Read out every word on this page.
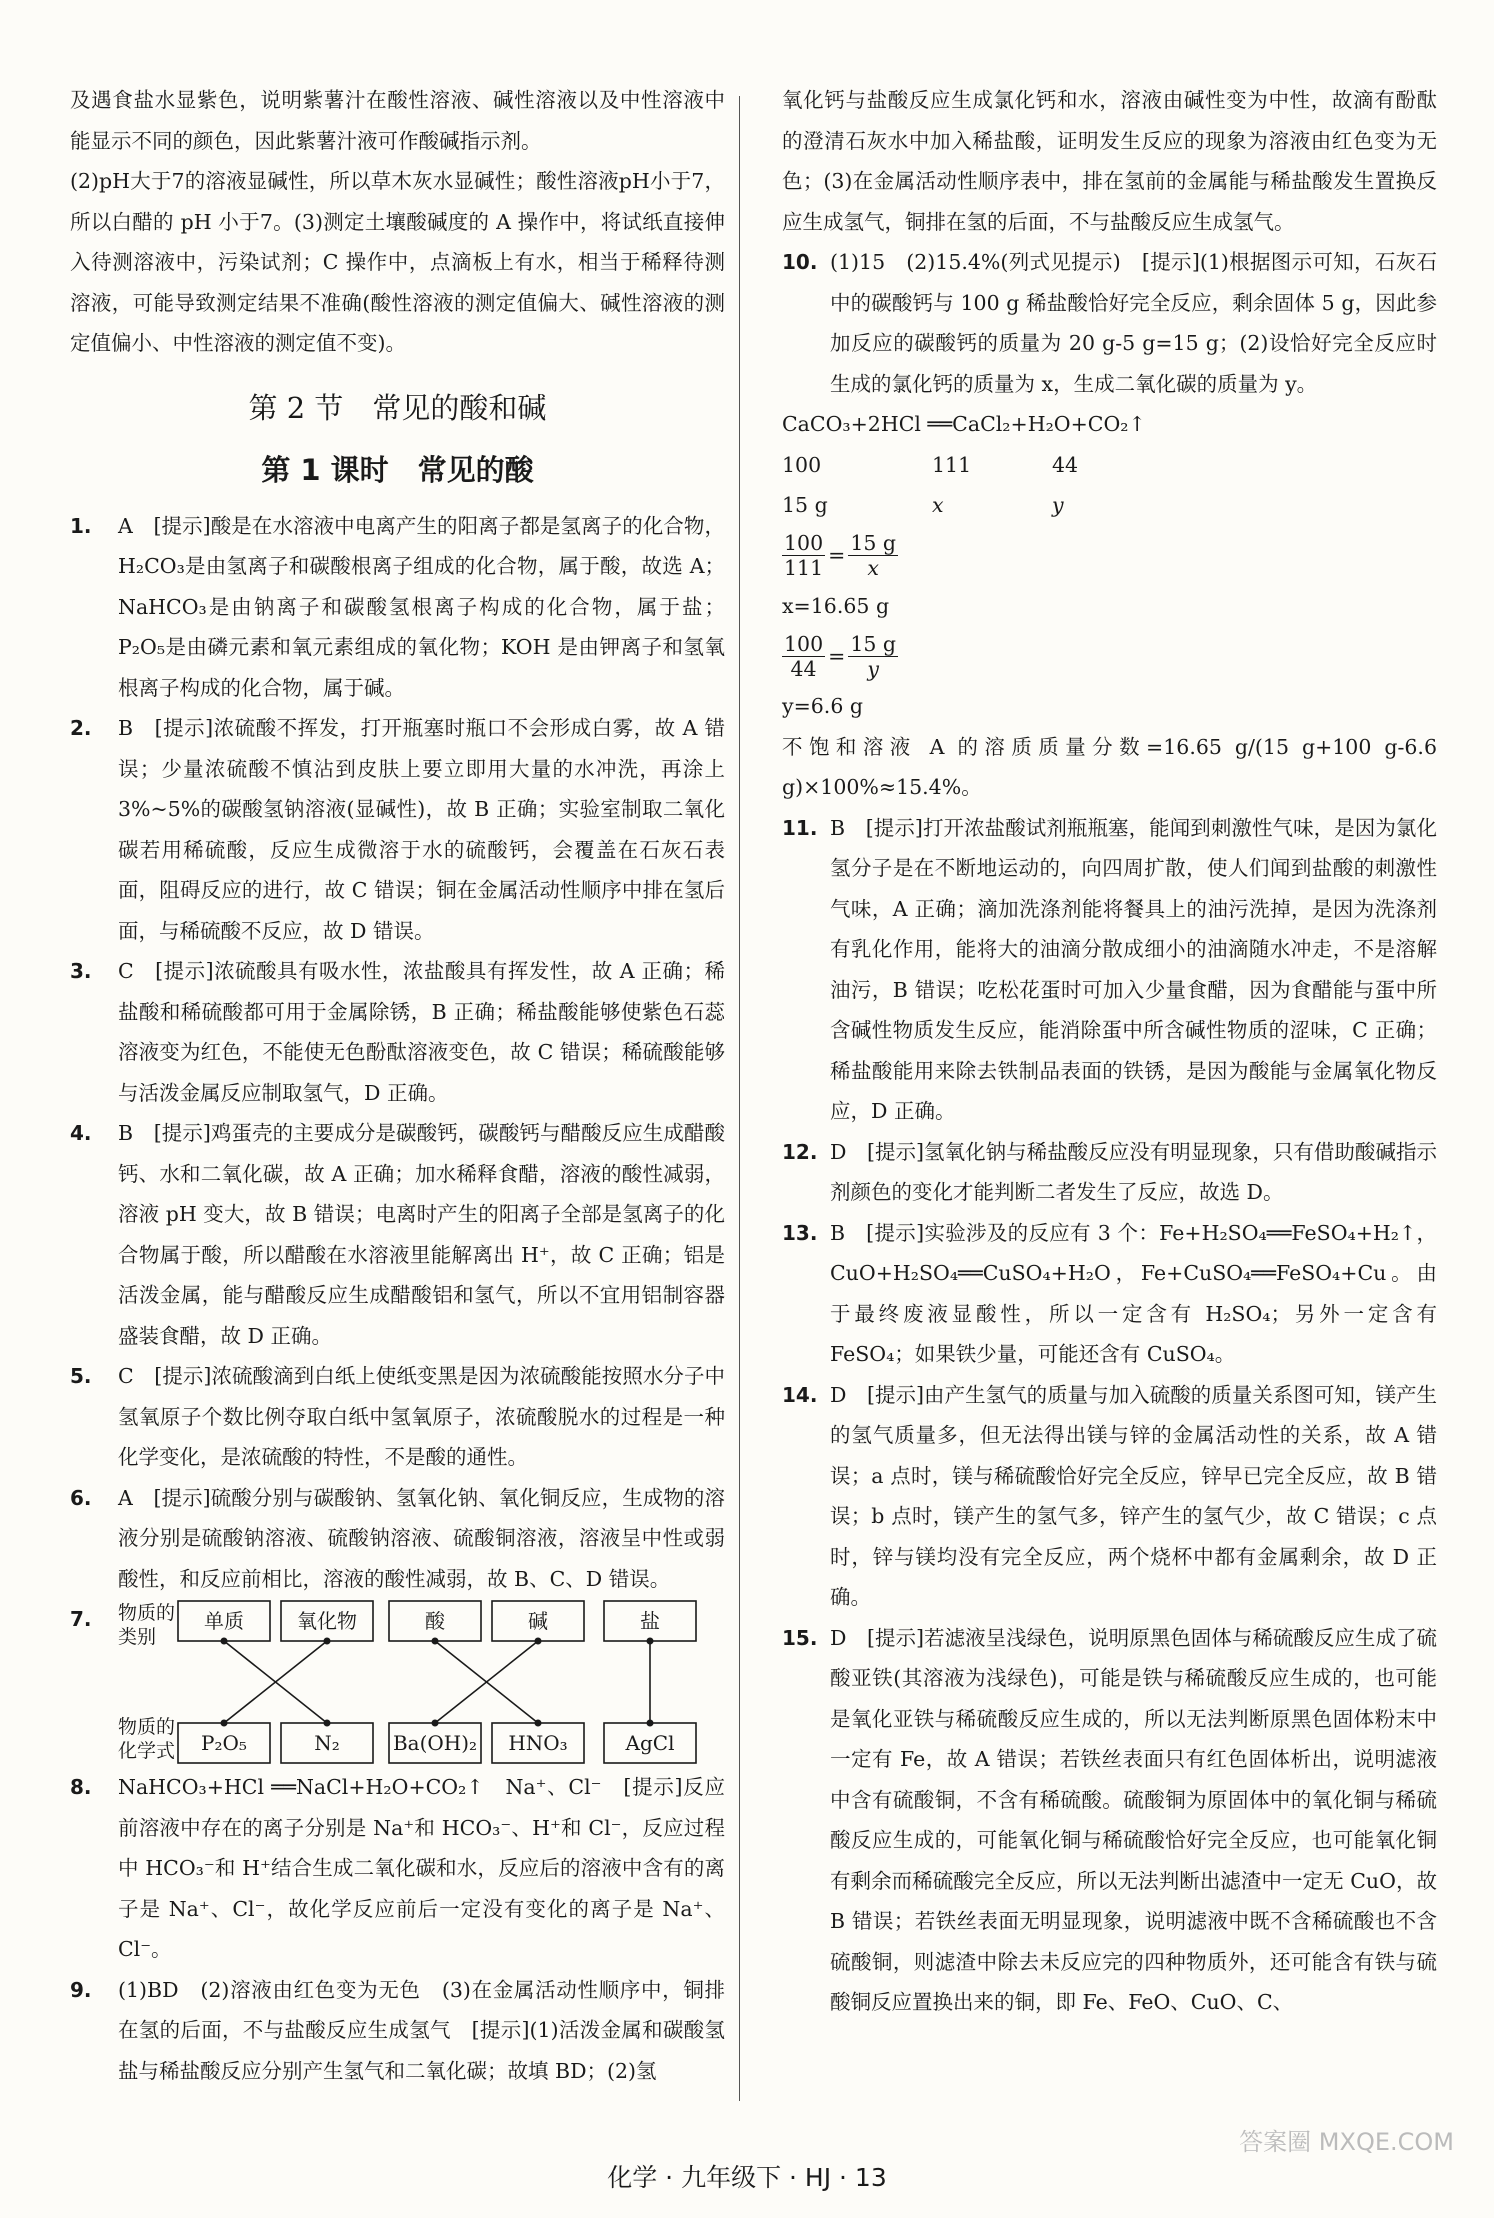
及遇食盐水显紫色，说明紫薯汁在酸性溶液、碱性溶液以及中性溶液中能显示不同的颜色，因此紫薯汁液可作酸碱指示剂。

(2)pH大于7的溶液显碱性，所以草木灰水显碱性；酸性溶液pH小于7，所以白醋的 pH 小于7。(3)测定土壤酸碱度的 A 操作中，将试纸直接伸入待测溶液中，污染试剂；C 操作中，点滴板上有水，相当于稀释待测溶液，可能导致测定结果不准确(酸性溶液的测定值偏大、碱性溶液的测定值偏小、中性溶液的测定值不变)。

第 2 节　常见的酸和碱
第 1 课时　常见的酸
1. A　[提示]酸是在水溶液中电离产生的阳离子都是氢离子的化合物，H₂CO₃是由氢离子和碳酸根离子组成的化合物，属于酸，故选 A；NaHCO₃是由钠离子和碳酸氢根离子构成的化合物，属于盐；P₂O₅是由磷元素和氧元素组成的氧化物；KOH 是由钾离子和氢氧根离子构成的化合物，属于碱。
2. B　[提示]浓硫酸不挥发，打开瓶塞时瓶口不会形成白雾，故 A 错误；少量浓硫酸不慎沾到皮肤上要立即用大量的水冲洗，再涂上3%~5%的碳酸氢钠溶液(显碱性)，故 B 正确；实验室制取二氧化碳若用稀硫酸，反应生成微溶于水的硫酸钙，会覆盖在石灰石表面，阻碍反应的进行，故 C 错误；铜在金属活动性顺序中排在氢后面，与稀硫酸不反应，故 D 错误。
3. C　[提示]浓硫酸具有吸水性，浓盐酸具有挥发性，故 A 正确；稀盐酸和稀硫酸都可用于金属除锈，B 正确；稀盐酸能够使紫色石蕊溶液变为红色，不能使无色酚酞溶液变色，故 C 错误；稀硫酸能够与活泼金属反应制取氢气，D 正确。
4. B　[提示]鸡蛋壳的主要成分是碳酸钙，碳酸钙与醋酸反应生成醋酸钙、水和二氧化碳，故 A 正确；加水稀释食醋，溶液的酸性减弱，溶液 pH 变大，故 B 错误；电离时产生的阳离子全部是氢离子的化合物属于酸，所以醋酸在水溶液里能解离出 H⁺，故 C 正确；铝是活泼金属，能与醋酸反应生成醋酸铝和氢气，所以不宜用铝制容器盛装食醋，故 D 正确。
5. C　[提示]浓硫酸滴到白纸上使纸变黑是因为浓硫酸能按照水分子中氢氧原子个数比例夺取白纸中氢氧原子，浓硫酸脱水的过程是一种化学变化，是浓硫酸的特性，不是酸的通性。
6. A　[提示]硫酸分别与碳酸钠、氢氧化钠、氧化铜反应，生成物的溶液分别是硫酸钠溶液、硫酸钠溶液、硫酸铜溶液，溶液呈中性或弱酸性，和反应前相比，溶液的酸性减弱，故 B、C、D 错误。
7. 物质的
类别
物质的
化学式
单质	氧化物	酸	碱	盐
P₂O₅	N₂	Ba(OH)₂ HNO₃	AgCl
8. NaHCO₃+HCl ══NaCl+H₂O+CO₂↑　Na⁺、Cl⁻　[提示]反应前溶液中存在的离子分别是 Na⁺和 HCO₃⁻、H⁺和 Cl⁻，反应过程中 HCO₃⁻和 H⁺结合生成二氧化碳和水，反应后的溶液中含有的离子是 Na⁺、Cl⁻，故化学反应前后一定没有变化的离子是 Na⁺、Cl⁻。
9. (1)BD　(2)溶液由红色变为无色　(3)在金属活动性顺序中，铜排在氢的后面，不与盐酸反应生成氢气　[提示](1)活泼金属和碳酸氢盐与稀盐酸反应分别产生氢气和二氧化碳；故填 BD；(2)氢

氧化钙与盐酸反应生成氯化钙和水，溶液由碱性变为中性，故滴有酚酞的澄清石灰水中加入稀盐酸，证明发生反应的现象为溶液由红色变为无色；(3)在金属活动性顺序表中，排在氢前的金属能与稀盐酸发生置换反应生成氢气，铜排在氢的后面，不与盐酸反应生成氢气。

10. (1)15　(2)15.4%(列式见提示)　[提示](1)根据图示可知，石灰石中的碳酸钙与 100 g 稀盐酸恰好完全反应，剩余固体 5 g，因此参加反应的碳酸钙的质量为 20 g-5 g=15 g；(2)设恰好完全反应时生成的氯化钙的质量为 x，生成二氧化碳的质量为 y。
CaCO₃+2HCl ══CaCl₂+H₂O+CO₂↑
100	111	44
15 g	x	y
$\frac{100}{111} = \frac{15 g}{x}$
x=16.65 g
$\frac{100}{44} = \frac{15 g}{y}$
y=6.6 g

不饱和溶液 A 的溶质质量分数=16.65 g/(15 g+100 g-6.6 g)×100%≈15.4%。

11. B　[提示]打开浓盐酸试剂瓶瓶塞，能闻到刺激性气味，是因为氯化氢分子是在不断地运动的，向四周扩散，使人们闻到盐酸的刺激性气味，A 正确；滴加洗涤剂能将餐具上的油污洗掉，是因为洗涤剂有乳化作用，能将大的油滴分散成细小的油滴随水冲走，不是溶解油污，B 错误；吃松花蛋时可加入少量食醋，因为食醋能与蛋中所含碱性物质发生反应，能消除蛋中所含碱性物质的涩味，C 正确；稀盐酸能用来除去铁制品表面的铁锈，是因为酸能与金属氧化物反应，D 正确。
12. D　[提示]氢氧化钠与稀盐酸反应没有明显现象，只有借助酸碱指示剂颜色的变化才能判断二者发生了反应，故选 D。
13. B　[提示]实验涉及的反应有 3 个：Fe+H₂SO₄══FeSO₄+H₂↑，CuO+H₂SO₄══CuSO₄+H₂O，Fe+CuSO₄══FeSO₄+Cu。由于最终废液显酸性，所以一定含有 H₂SO₄；另外一定含有 FeSO₄；如果铁少量，可能还含有 CuSO₄。
14. D　[提示]由产生氢气的质量与加入硫酸的质量关系图可知，镁产生的氢气质量多，但无法得出镁与锌的金属活动性的关系，故 A 错误；a 点时，镁与稀硫酸恰好完全反应，锌早已完全反应，故 B 错误；b 点时，镁产生的氢气多，锌产生的氢气少，故 C 错误；c 点时，锌与镁均没有完全反应，两个烧杯中都有金属剩余，故 D 正确。
15. D　[提示]若滤液呈浅绿色，说明原黑色固体与稀硫酸反应生成了硫酸亚铁(其溶液为浅绿色)，可能是铁与稀硫酸反应生成的，也可能是氧化亚铁与稀硫酸反应生成的，所以无法判断原黑色固体粉末中一定有 Fe，故 A 错误；若铁丝表面只有红色固体析出，说明滤液中含有硫酸铜，不含有稀硫酸。硫酸铜为原固体中的氧化铜与稀硫酸反应生成的，可能氧化铜与稀硫酸恰好完全反应，也可能氧化铜有剩余而稀硫酸完全反应，所以无法判断出滤渣中一定无 CuO，故 B 错误；若铁丝表面无明显现象，说明滤液中既不含稀硫酸也不含硫酸铜，则滤渣中除去未反应完的四种物质外，还可能含有铁与硫酸铜反应置换出来的铜，即 Fe、FeO、CuO、C、
化学 · 九年级下 · HJ · 13
答案圈 MXQE.COM
